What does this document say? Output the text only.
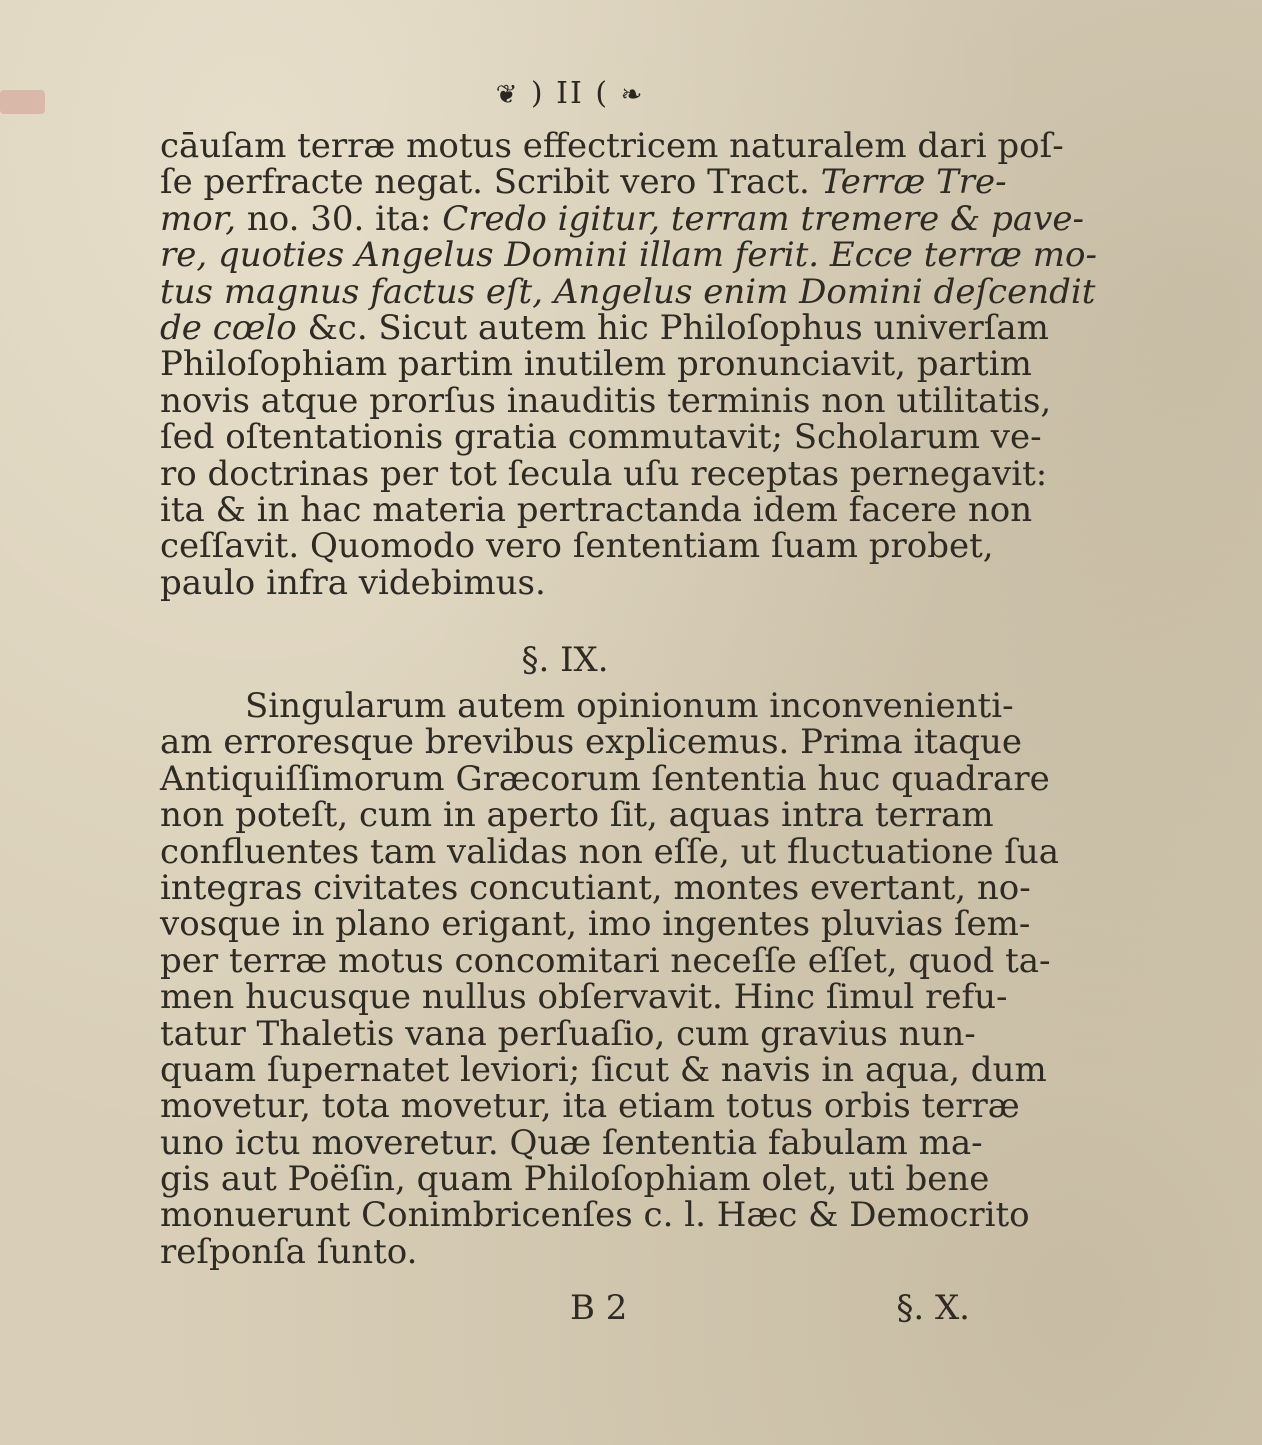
❦ ) II ( ❧
cāuſam terræ motus effectricem naturalem dari poſ-
ſe perfracte negat. Scribit vero Tract. Terræ Tre-
mor, no. 30. ita: Credo igitur, terram tremere & pave-
re, quoties Angelus Domini illam ferit. Ecce terræ mo-
tus magnus factus eſt, Angelus enim Domini deſcendit
de cœlo &c. Sicut autem hic Philoſophus univerſam
Philoſophiam partim inutilem pronunciavit, partim
novis atque prorſus inauditis terminis non utilitatis,
ſed oſtentationis gratia commutavit; Scholarum ve-
ro doctrinas per tot ſecula uſu receptas pernegavit:
ita & in hac materia pertractanda idem facere non
ceſſavit. Quomodo vero ſententiam ſuam probet,
paulo infra videbimus.
§. IX.
Singularum autem opinionum inconvenienti-
am erroresque brevibus explicemus. Prima itaque
Antiquiſſimorum Græcorum ſententia huc quadrare
non poteſt, cum in aperto ſit, aquas intra terram
confluentes tam validas non eſſe, ut fluctuatione ſua
integras civitates concutiant, montes evertant, no-
vosque in plano erigant, imo ingentes pluvias ſem-
per terræ motus concomitari neceſſe eſſet, quod ta-
men hucusque nullus obſervavit. Hinc ſimul refu-
tatur Thaletis vana perſuaſio, cum gravius nun-
quam ſupernatet leviori; ſicut & navis in aqua, dum
movetur, tota movetur, ita etiam totus orbis terræ
uno ictu moveretur. Quæ ſententia fabulam ma-
gis aut Poëſin, quam Philoſophiam olet, uti bene
monuerunt Conimbricenſes c. l. Hæc & Democrito
reſponſa ſunto.
B 2	§. X.
